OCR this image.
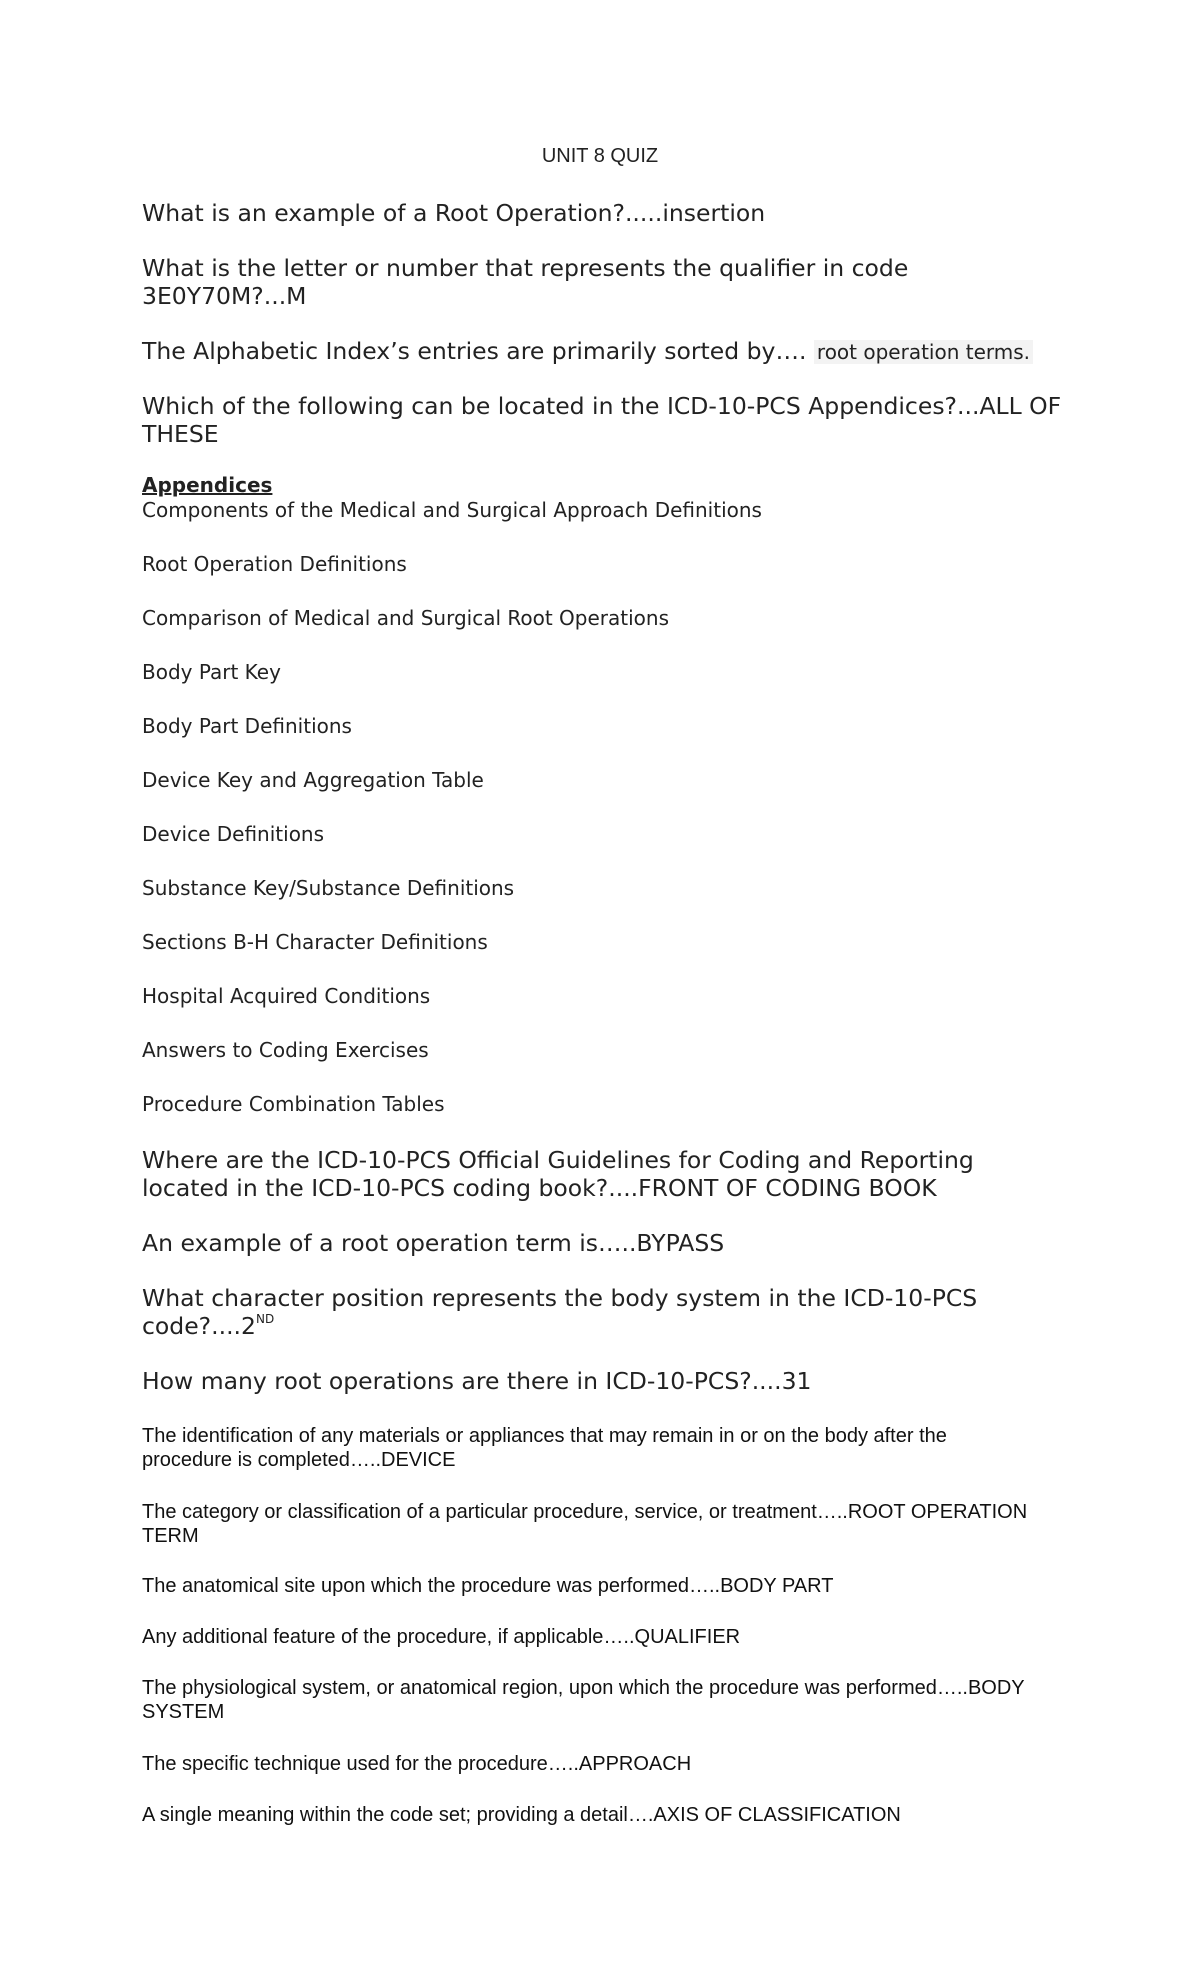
UNIT 8 QUIZ
What is an example of a Root Operation?.....insertion
What is the letter or number that represents the qualifier in code 3E0Y70M?...M
The Alphabetic Index’s entries are primarily sorted by…. root operation terms.
Which of the following can be located in the ICD-10-PCS Appendices?...ALL OF THESE
Appendices
Components of the Medical and Surgical Approach Definitions
Root Operation Definitions
Comparison of Medical and Surgical Root Operations
Body Part Key
Body Part Definitions
Device Key and Aggregation Table
Device Definitions
Substance Key/Substance Definitions
Sections B-H Character Definitions
Hospital Acquired Conditions
Answers to Coding Exercises
Procedure Combination Tables
Where are the ICD-10-PCS Official Guidelines for Coding and Reporting located in the ICD-10-PCS coding book?....FRONT OF CODING BOOK
An example of a root operation term is…..BYPASS
What character position represents the body system in the ICD-10-PCS code?....2ND
How many root operations are there in ICD-10-PCS?....31
The identification of any materials or appliances that may remain in or on the body after the procedure is completed…..DEVICE
The category or classification of a particular procedure, service, or treatment…..ROOT OPERATION TERM
The anatomical site upon which the procedure was performed…..BODY PART
Any additional feature of the procedure, if applicable…..QUALIFIER
The physiological system, or anatomical region, upon which the procedure was performed…..BODY SYSTEM
The specific technique used for the procedure…..APPROACH
A single meaning within the code set; providing a detail….AXIS OF CLASSIFICATION
